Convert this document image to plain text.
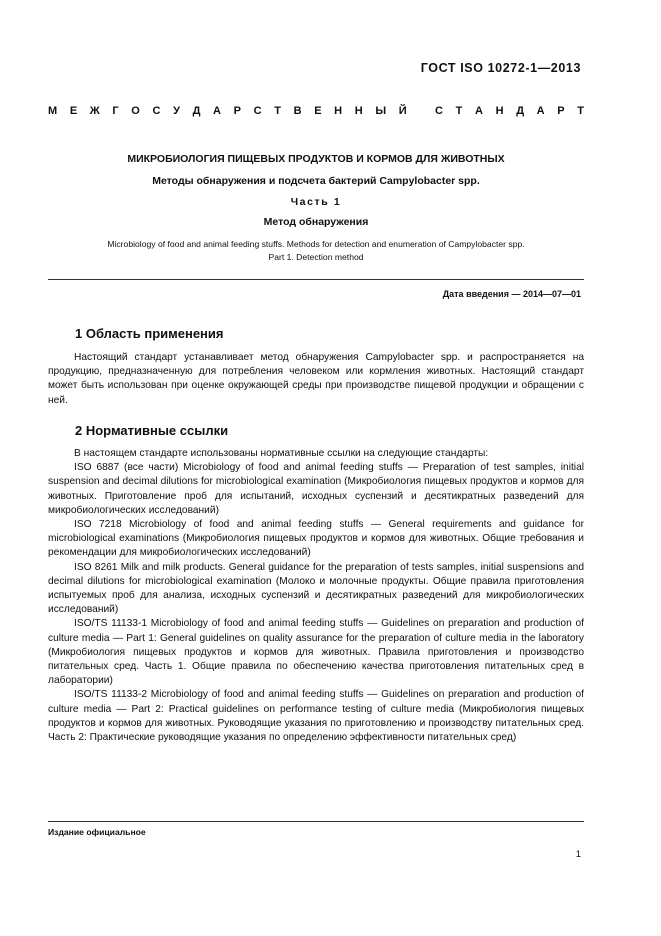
ГОСТ ISO 10272-1—2013
М Е Ж Г О С У Д А Р С Т В Е Н Н Ы Й
	С Т А Н Д А Р Т
МИКРОБИОЛОГИЯ ПИЩЕВЫХ ПРОДУКТОВ И КОРМОВ ДЛЯ ЖИВОТНЫХ
Методы обнаружения и подсчета бактерий Campylobacter spp.
Часть 1
Метод обнаружения
Microbiology of food and animal feeding stuffs. Methods for detection and enumeration of Campylobacter spp.
Part 1. Detection method
Дата введения — 2014—07—01
1 Область применения

Настоящий стандарт устанавливает метод обнаружения Campylobacter spp. и распространяется на продукцию, предназначенную для потребления человеком или кормления животных. Настоящий стандарт может быть использован при оценке окружающей среды при производстве пищевой продукции и обращении с ней.

2 Нормативные ссылки

В настоящем стандарте использованы нормативные ссылки на следующие стандарты:

ISO 6887 (все части) Microbiology of food and animal feeding stuffs — Preparation of test samples, initial suspension and decimal dilutions for microbiological examination (Микробиология пищевых продуктов и кормов для животных. Приготовление проб для испытаний, исходных суспензий и десятикратных разведений для микробиологических исследований)

ISO 7218 Microbiology of food and animal feeding stuffs — General requirements and guidance for microbiological examinations (Микробиология пищевых продуктов и кормов для животных. Общие требования и рекомендации для микробиологических исследований)

ISO 8261 Milk and milk products. General guidance for the preparation of tests samples, initial suspensions and decimal dilutions for microbiological examination (Молоко и молочные продукты. Общие правила приготовления испытуемых проб для анализа, исходных суспензий и десятикратных разведений для микробиологических исследований)

ISO/TS 11133-1 Microbiology of food and animal feeding stuffs — Guidelines on preparation and production of culture media — Part 1: General guidelines on quality assurance for the preparation of culture media in the laboratory (Микробиология пищевых продуктов и кормов для животных. Правила приготовления и производство питательных сред. Часть 1. Общие правила по обеспечению качества приготовления питательных сред в лаборатории)

ISO/TS 11133-2 Microbiology of food and animal feeding stuffs — Guidelines on preparation and production of culture media — Part 2: Practical guidelines on performance testing of culture media (Микробиология пищевых продуктов и кормов для животных. Руководящие указания по приготовлению и производству питательных сред. Часть 2: Практические руководящие указания по определению эффективности питательных сред)

Издание официальное
1
